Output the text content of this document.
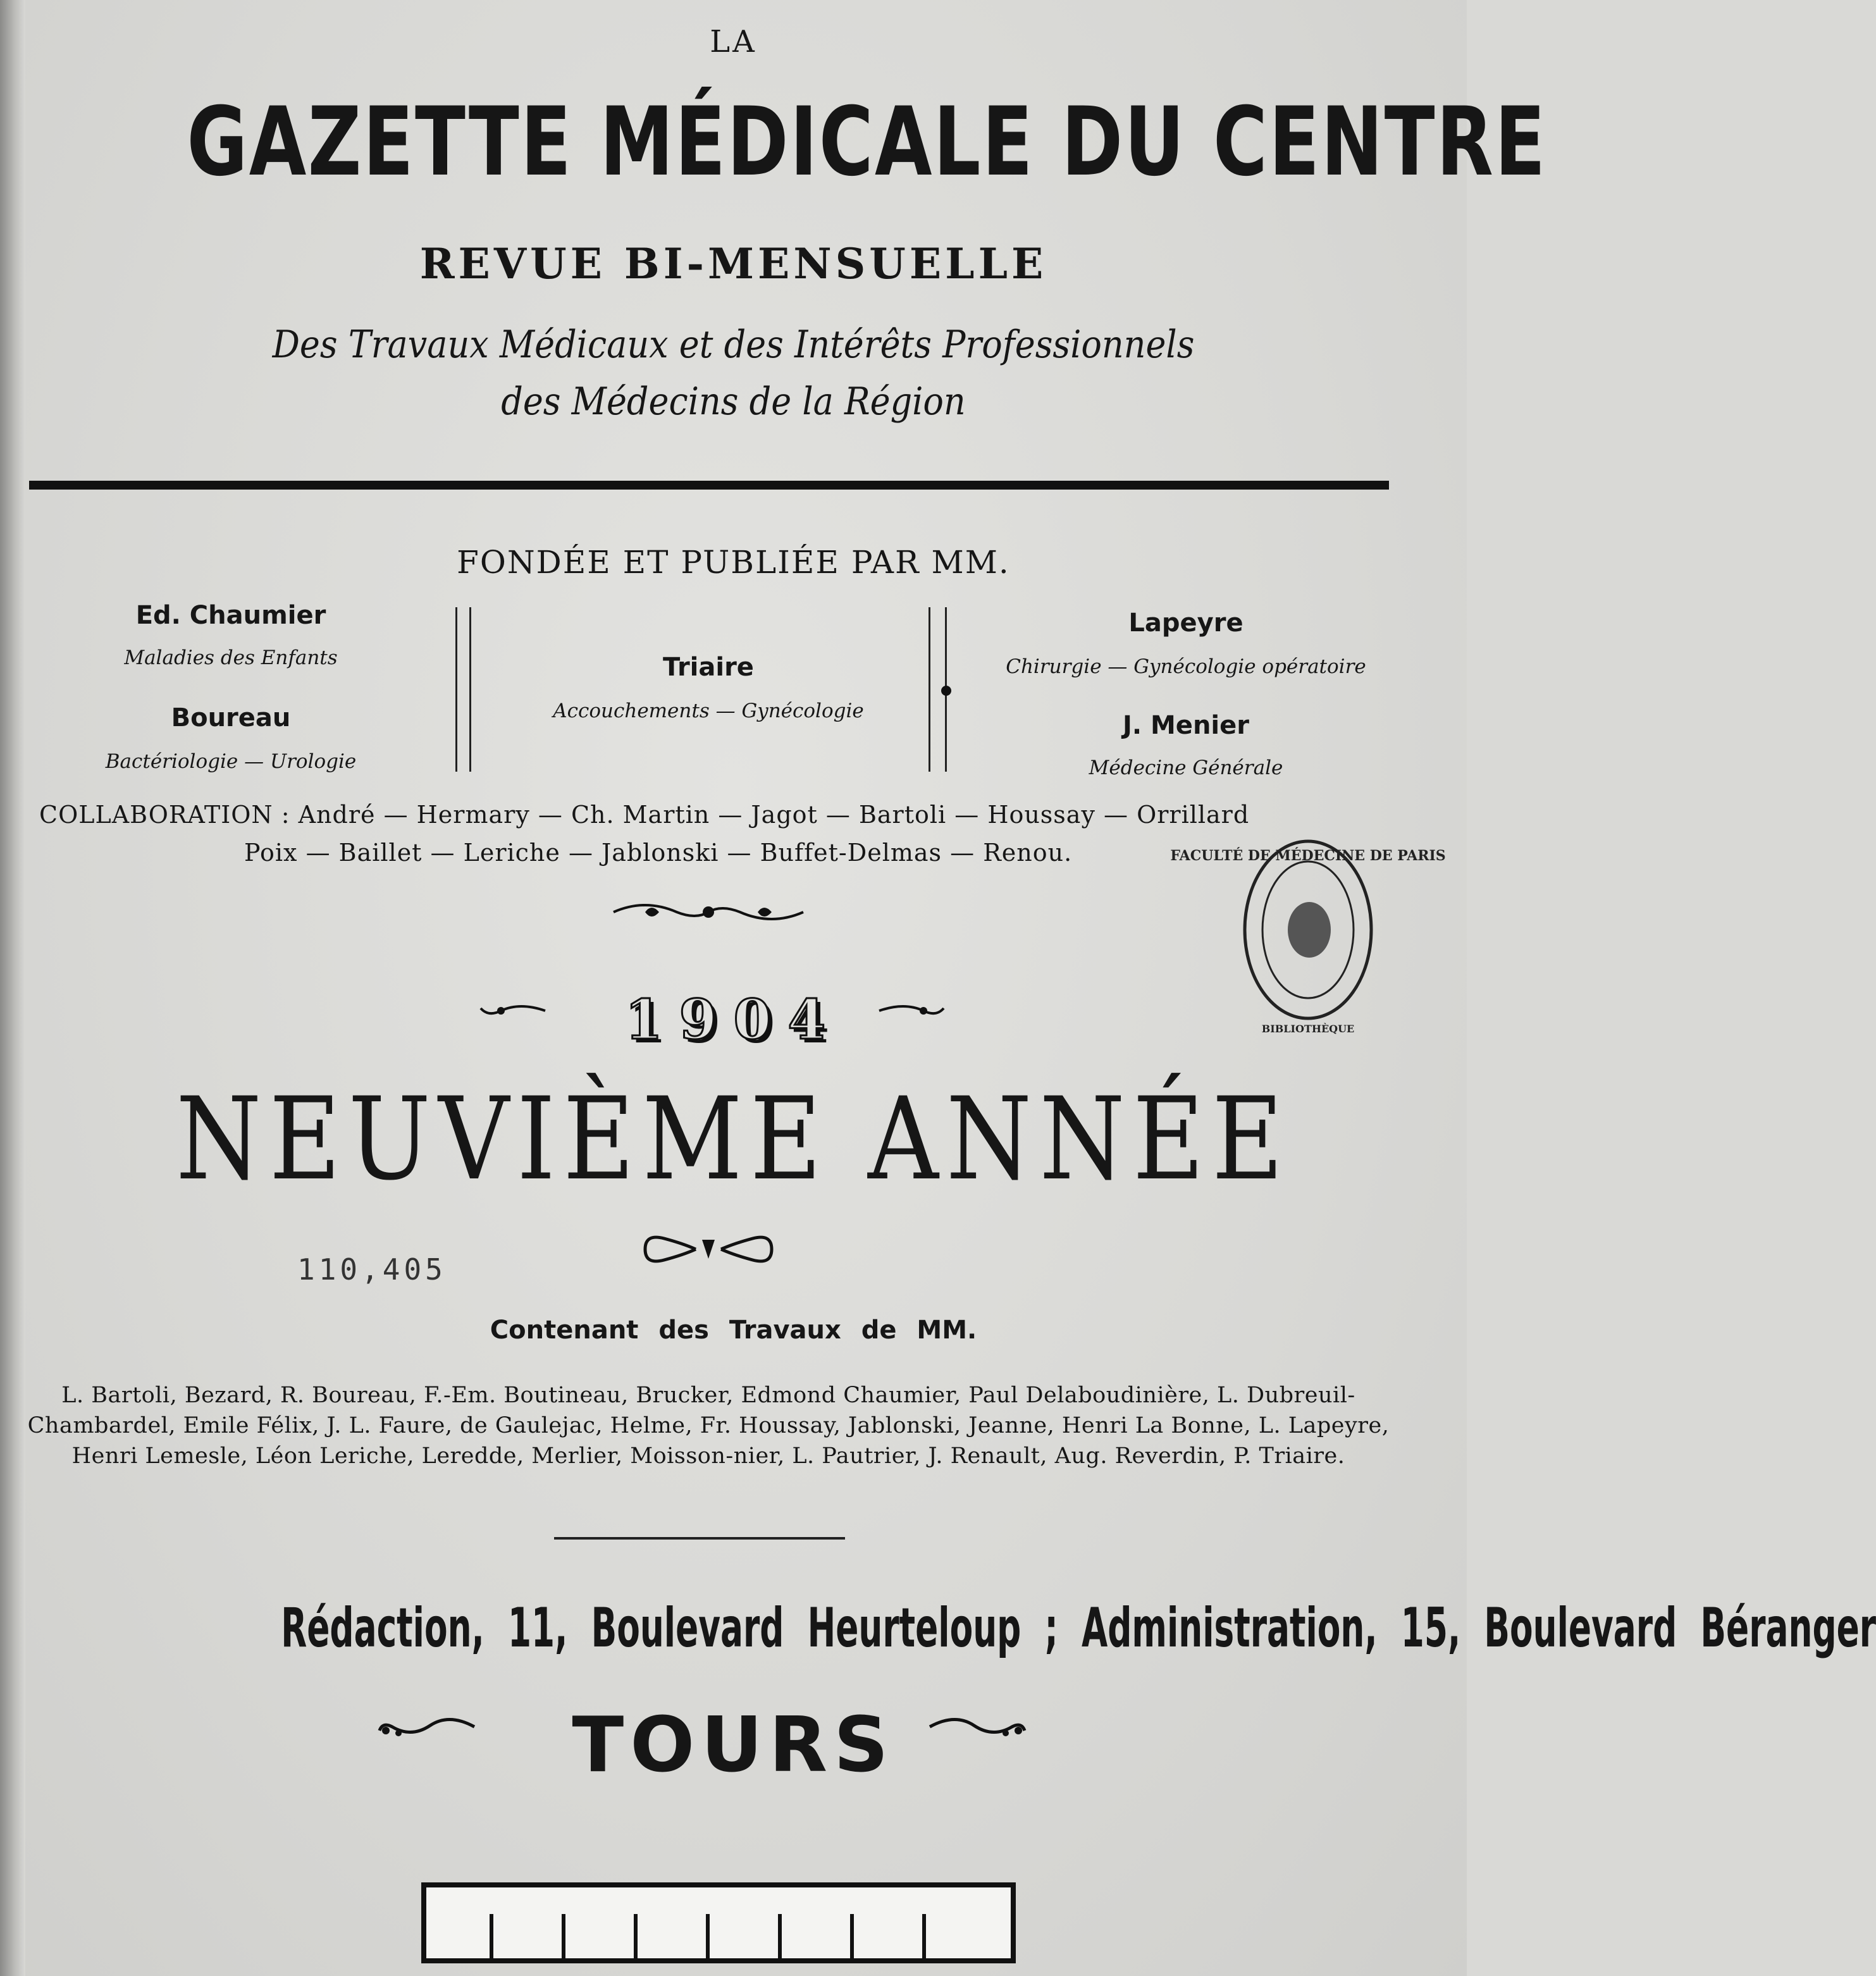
LA
GAZETTE MÉDICALE DU CENTRE
REVUE BI-MENSUELLE
Des Travaux Médicaux et des Intérêts Professionnels
des Médecins de la Région
FONDÉE ET PUBLIÉE PAR MM.
Ed. Chaumier
Maladies des Enfants
Boureau
Bactériologie — Urologie
Triaire
Accouchements — Gynécologie
Lapeyre
Chirurgie — Gynécologie opératoire
J. Menier
Médecine Générale
COLLABORATION : André — Hermary — Ch. Martin — Jagot — Bartoli — Houssay — Orrillard
Poix — Baillet — Leriche — Jablonski — Buffet-Delmas — Renou.
1904
NEUVIÈME ANNÉE
110,405
Contenant des Travaux de MM.
L. Bartoli, Bezard, R. Boureau, F.-Em. Boutineau, Brucker, Edmond Chaumier, Paul Delaboudinière, L. Dubreuil-Chambardel, Emile Félix, J. L. Faure, de Gaulejac, Helme, Fr. Houssay, Jablonski, Jeanne, Henri La Bonne, L. Lapeyre, Henri Lemesle, Léon Leriche, Leredde, Merlier, Moisson-nier, L. Pautrier, J. Renault, Aug. Reverdin, P. Triaire.
Rédaction, 11, Boulevard Heurteloup ; Administration, 15, Boulevard Béranger
TOURS
FACULTÉ DE MÉDECINE DE PARIS
BIBLIOTHÈQUE
